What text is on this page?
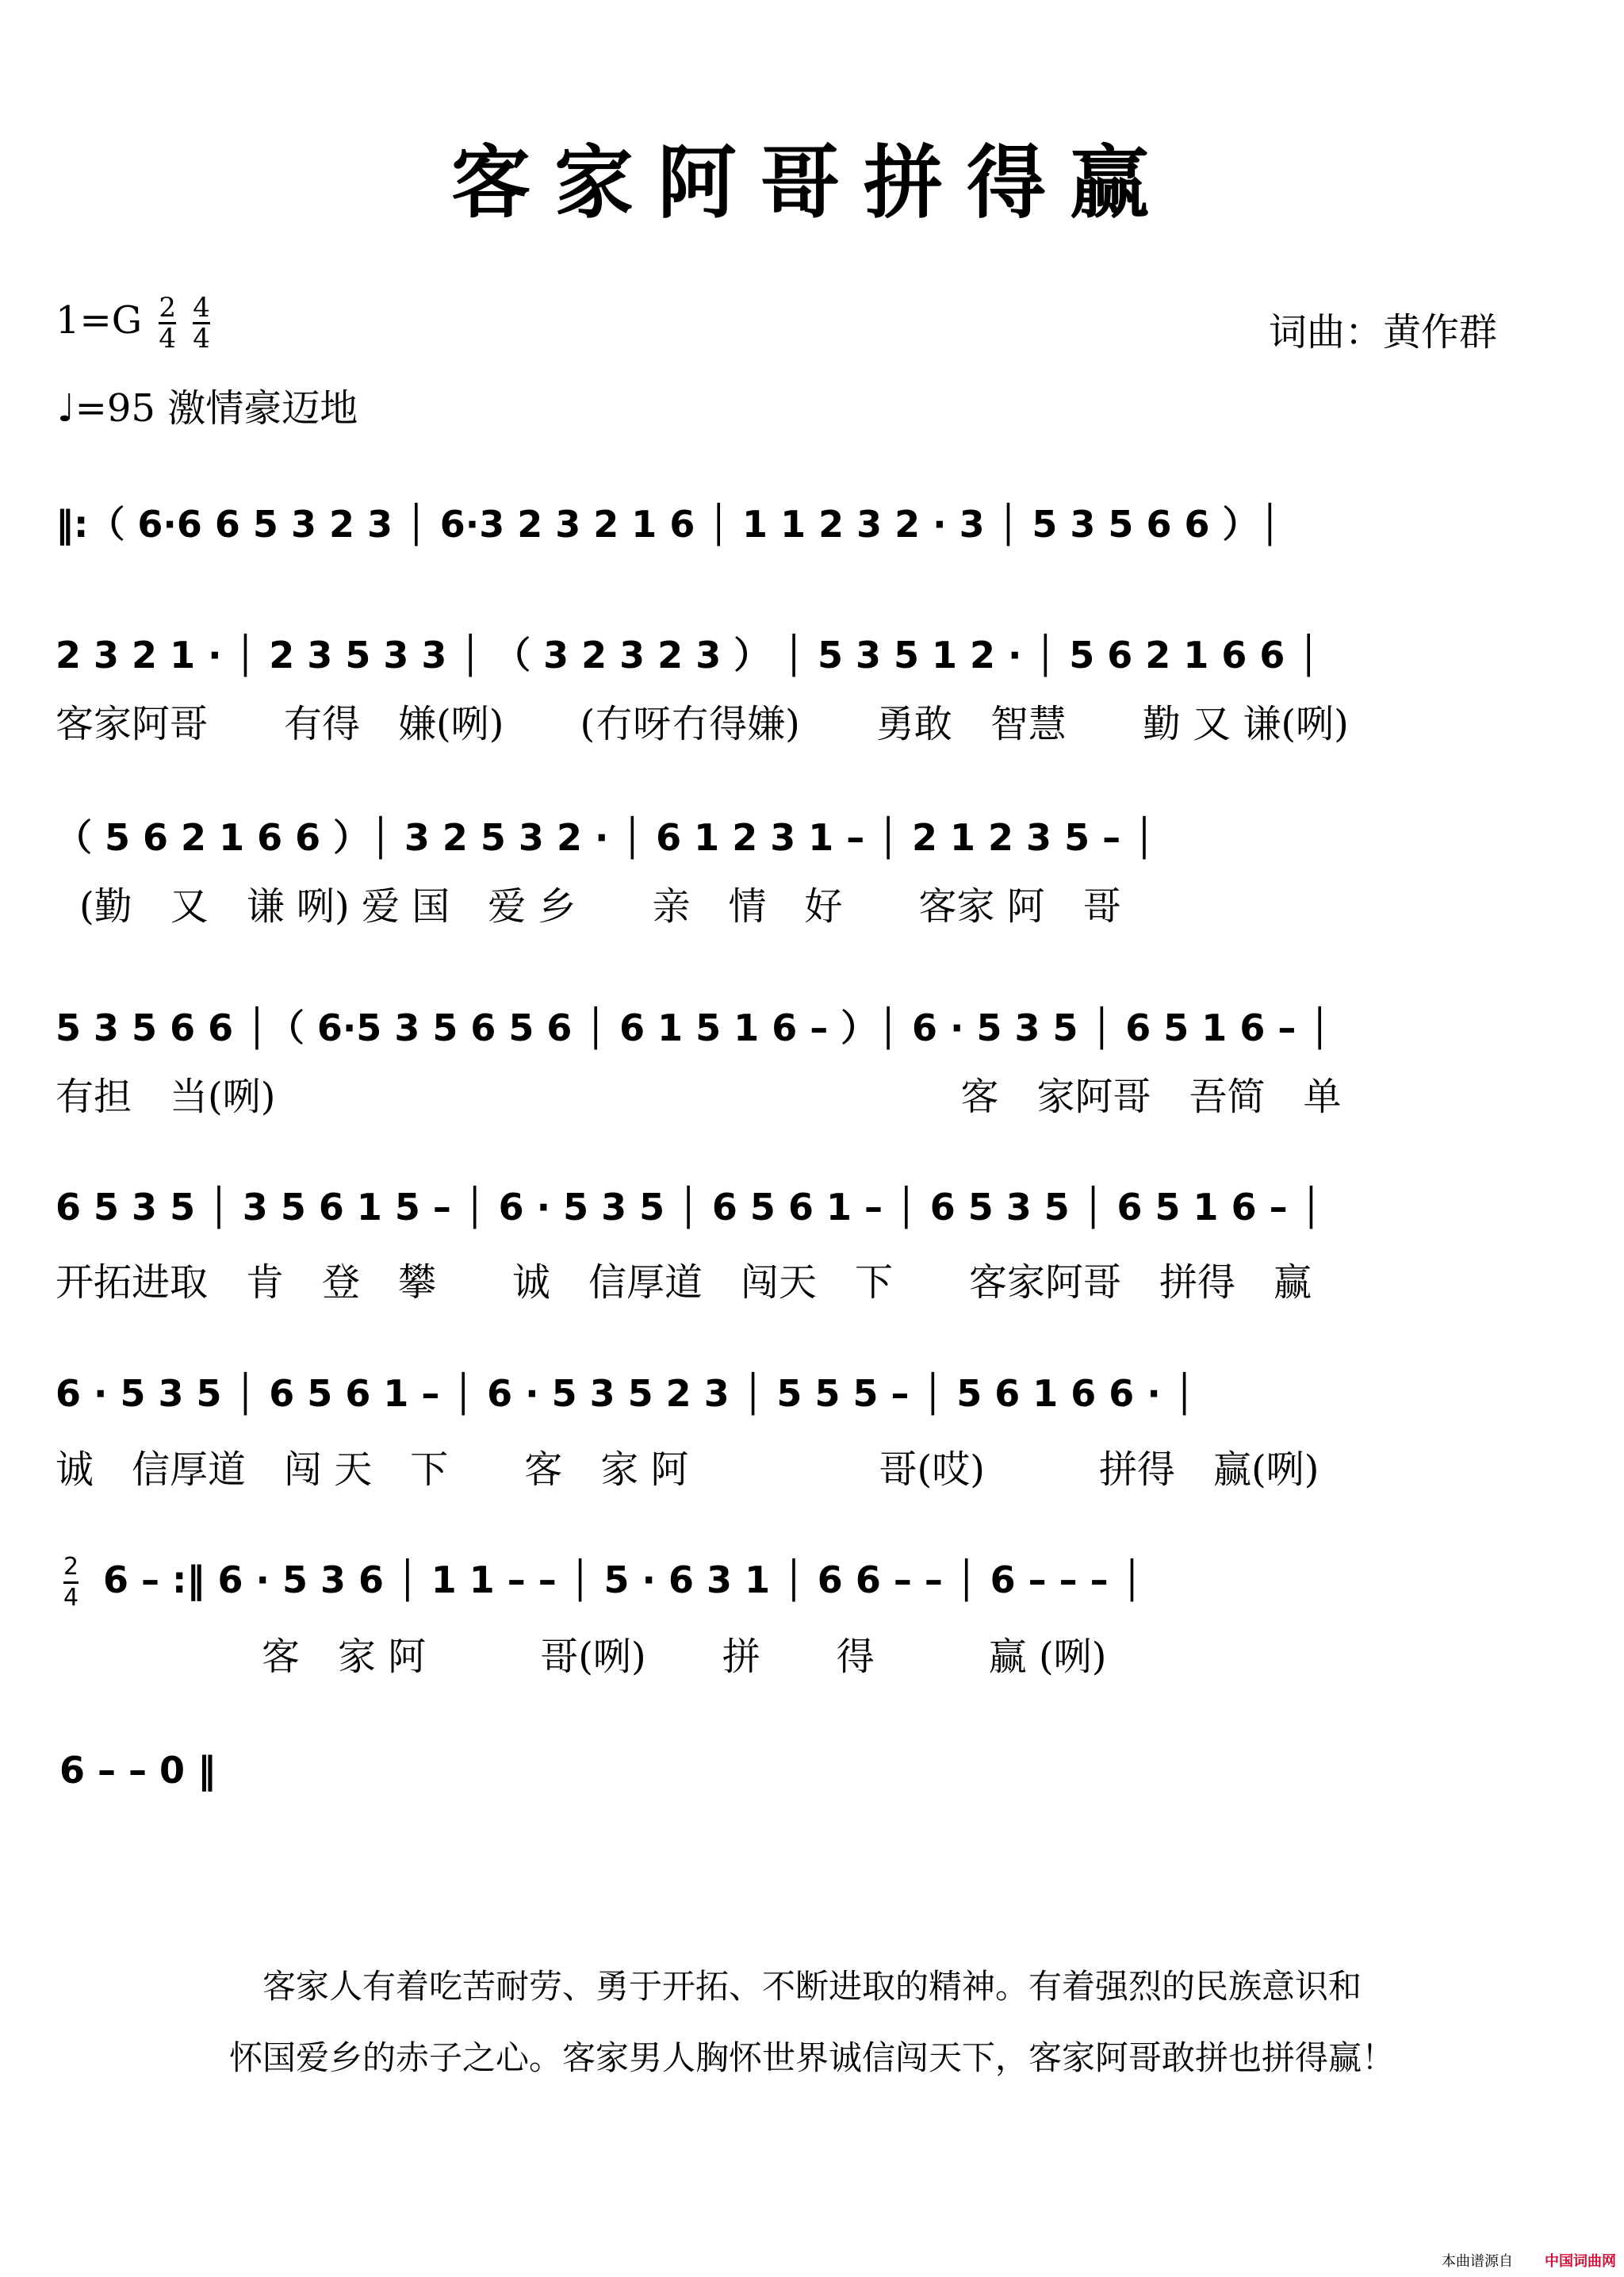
客家阿哥拼得赢
$1=G \frac{2}{4}$
$\frac{4}{4}$	词曲：黄作群
♩=95 激情豪迈地
‖:（ 6·6 6 5 3 2 3 │ 6·3 2 3 2 1 6 │ 1 1 2 3 2 · 3 │ 5 3 5 6 6 ）│
2 3 2 1 · │ 2 3 5 3 3 │ （ 3 2 3 2 3 ） │ 5 3 5 1 2 · │ 5 6 2 1 6 6 │
客家阿哥　　有得　嫌(咧)　　(冇呀冇得嫌)　　勇敢　智慧　　勤 又 谦(咧)
（ 5 6 2 1 6 6 ）│ 3 2 5 3 2 · │ 6 1 2 3 1 – │ 2 1 2 3 5 – │
(勤　又　谦 咧) 爱 国　爱 乡　　亲　情　好　　客家 阿　哥
5 3 5 6 6 │（ 6·5 3 5 6 5 6 │ 6 1 5 1 6 – ）│ 6 · 5 3 5 │ 6 5 1 6 – │
有担　当(咧)　　　　　　　　　　　　　　　　　　客　家阿哥　吾简　单
6 5 3 5 │ 3 5 6 1 5 – │ 6 · 5 3 5 │ 6 5 6 1 – │ 6 5 3 5 │ 6 5 1 6 – │
开拓进取　肯　登　攀　　诚　信厚道　闯天　下　　客家阿哥　拼得　赢
6 · 5 3 5 │ 6 5 6 1 – │ 6 · 5 3 5 2 3 │ 5 5 5 – │ 5 6 1 6 6 · │
诚　信厚道　闯 天　下　　客　家 阿　　　　　哥(哎)　　　拼得　赢(咧)
6 – :‖ 6 · 5 3 6 │ 1 1 – – │ 5 · 6 3 1 │ 6 6 – – │ 6 – – – │
$\frac{2}{4}$
客　家 阿　　　哥(咧)　　拼　　得　　　赢 (咧)
6 – – 0 ‖
客家人有着吃苦耐劳、勇于开拓、不断进取的精神。有着强烈的民族意识和
怀国爱乡的赤子之心。客家男人胸怀世界诚信闯天下，客家阿哥敢拼也拼得赢！
本曲谱源自 中国词曲网
